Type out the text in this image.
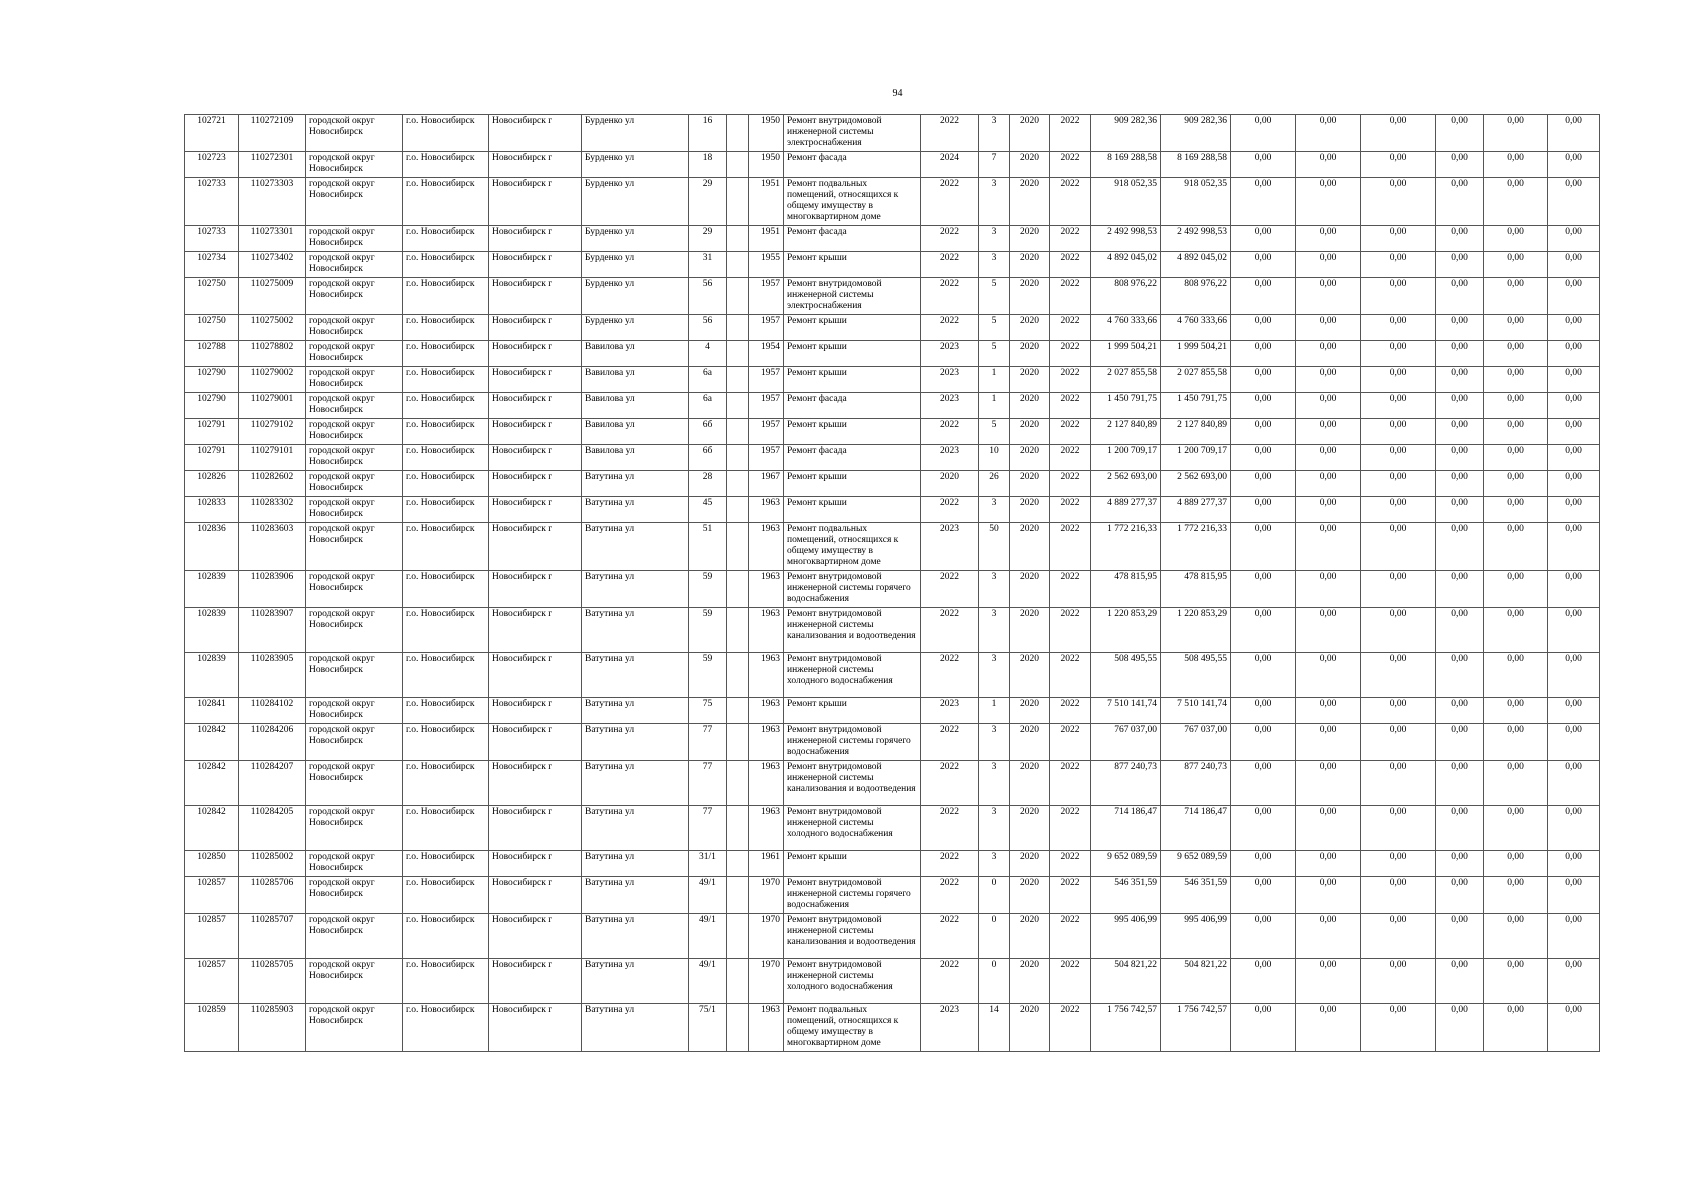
94
102721	110272109	городской округ Новосибирск	г.о. Новосибирск	Новосибирск г	Бурденко ул	16		1950	Ремонт внутридомовой инженерной системы электроснабжения	2022	3	2020	2022	909 282,36	909 282,36	0,00	0,00	0,00	0,00	0,00	0,00
102723	110272301	городской округ Новосибирск	г.о. Новосибирск	Новосибирск г	Бурденко ул	18		1950	Ремонт фасада	2024	7	2020	2022	8 169 288,58	8 169 288,58	0,00	0,00	0,00	0,00	0,00	0,00
102733	110273303	городской округ Новосибирск	г.о. Новосибирск	Новосибирск г	Бурденко ул	29		1951	Ремонт подвальных помещений, относящихся к общему имуществу в многоквартирном доме	2022	3	2020	2022	918 052,35	918 052,35	0,00	0,00	0,00	0,00	0,00	0,00
102733	110273301	городской округ Новосибирск	г.о. Новосибирск	Новосибирск г	Бурденко ул	29		1951	Ремонт фасада	2022	3	2020	2022	2 492 998,53	2 492 998,53	0,00	0,00	0,00	0,00	0,00	0,00
102734	110273402	городской округ Новосибирск	г.о. Новосибирск	Новосибирск г	Бурденко ул	31		1955	Ремонт крыши	2022	3	2020	2022	4 892 045,02	4 892 045,02	0,00	0,00	0,00	0,00	0,00	0,00
102750	110275009	городской округ Новосибирск	г.о. Новосибирск	Новосибирск г	Бурденко ул	56		1957	Ремонт внутридомовой инженерной системы электроснабжения	2022	5	2020	2022	808 976,22	808 976,22	0,00	0,00	0,00	0,00	0,00	0,00
102750	110275002	городской округ Новосибирск	г.о. Новосибирск	Новосибирск г	Бурденко ул	56		1957	Ремонт крыши	2022	5	2020	2022	4 760 333,66	4 760 333,66	0,00	0,00	0,00	0,00	0,00	0,00
102788	110278802	городской округ Новосибирск	г.о. Новосибирск	Новосибирск г	Вавилова ул	4		1954	Ремонт крыши	2023	5	2020	2022	1 999 504,21	1 999 504,21	0,00	0,00	0,00	0,00	0,00	0,00
102790	110279002	городской округ Новосибирск	г.о. Новосибирск	Новосибирск г	Вавилова ул	6а		1957	Ремонт крыши	2023	1	2020	2022	2 027 855,58	2 027 855,58	0,00	0,00	0,00	0,00	0,00	0,00
102790	110279001	городской округ Новосибирск	г.о. Новосибирск	Новосибирск г	Вавилова ул	6а		1957	Ремонт фасада	2023	1	2020	2022	1 450 791,75	1 450 791,75	0,00	0,00	0,00	0,00	0,00	0,00
102791	110279102	городской округ Новосибирск	г.о. Новосибирск	Новосибирск г	Вавилова ул	6б		1957	Ремонт крыши	2022	5	2020	2022	2 127 840,89	2 127 840,89	0,00	0,00	0,00	0,00	0,00	0,00
102791	110279101	городской округ Новосибирск	г.о. Новосибирск	Новосибирск г	Вавилова ул	6б		1957	Ремонт фасада	2023	10	2020	2022	1 200 709,17	1 200 709,17	0,00	0,00	0,00	0,00	0,00	0,00
102826	110282602	городской округ Новосибирск	г.о. Новосибирск	Новосибирск г	Ватутина ул	28		1967	Ремонт крыши	2020	26	2020	2022	2 562 693,00	2 562 693,00	0,00	0,00	0,00	0,00	0,00	0,00
102833	110283302	городской округ Новосибирск	г.о. Новосибирск	Новосибирск г	Ватутина ул	45		1963	Ремонт крыши	2022	3	2020	2022	4 889 277,37	4 889 277,37	0,00	0,00	0,00	0,00	0,00	0,00
102836	110283603	городской округ Новосибирск	г.о. Новосибирск	Новосибирск г	Ватутина ул	51		1963	Ремонт подвальных помещений, относящихся к общему имуществу в многоквартирном доме	2023	50	2020	2022	1 772 216,33	1 772 216,33	0,00	0,00	0,00	0,00	0,00	0,00
102839	110283906	городской округ Новосибирск	г.о. Новосибирск	Новосибирск г	Ватутина ул	59		1963	Ремонт внутридомовой инженерной системы горячего водоснабжения	2022	3	2020	2022	478 815,95	478 815,95	0,00	0,00	0,00	0,00	0,00	0,00
102839	110283907	городской округ Новосибирск	г.о. Новосибирск	Новосибирск г	Ватутина ул	59		1963	Ремонт внутридомовой инженерной системы канализования и водоотведения	2022	3	2020	2022	1 220 853,29	1 220 853,29	0,00	0,00	0,00	0,00	0,00	0,00
102839	110283905	городской округ Новосибирск	г.о. Новосибирск	Новосибирск г	Ватутина ул	59		1963	Ремонт внутридомовой инженерной системы холодного водоснабжения	2022	3	2020	2022	508 495,55	508 495,55	0,00	0,00	0,00	0,00	0,00	0,00
102841	110284102	городской округ Новосибирск	г.о. Новосибирск	Новосибирск г	Ватутина ул	75		1963	Ремонт крыши	2023	1	2020	2022	7 510 141,74	7 510 141,74	0,00	0,00	0,00	0,00	0,00	0,00
102842	110284206	городской округ Новосибирск	г.о. Новосибирск	Новосибирск г	Ватутина ул	77		1963	Ремонт внутридомовой инженерной системы горячего водоснабжения	2022	3	2020	2022	767 037,00	767 037,00	0,00	0,00	0,00	0,00	0,00	0,00
102842	110284207	городской округ Новосибирск	г.о. Новосибирск	Новосибирск г	Ватутина ул	77		1963	Ремонт внутридомовой инженерной системы канализования и водоотведения	2022	3	2020	2022	877 240,73	877 240,73	0,00	0,00	0,00	0,00	0,00	0,00
102842	110284205	городской округ Новосибирск	г.о. Новосибирск	Новосибирск г	Ватутина ул	77		1963	Ремонт внутридомовой инженерной системы холодного водоснабжения	2022	3	2020	2022	714 186,47	714 186,47	0,00	0,00	0,00	0,00	0,00	0,00
102850	110285002	городской округ Новосибирск	г.о. Новосибирск	Новосибирск г	Ватутина ул	31/1		1961	Ремонт крыши	2022	3	2020	2022	9 652 089,59	9 652 089,59	0,00	0,00	0,00	0,00	0,00	0,00
102857	110285706	городской округ Новосибирск	г.о. Новосибирск	Новосибирск г	Ватутина ул	49/1		1970	Ремонт внутридомовой инженерной системы горячего водоснабжения	2022	0	2020	2022	546 351,59	546 351,59	0,00	0,00	0,00	0,00	0,00	0,00
102857	110285707	городской округ Новосибирск	г.о. Новосибирск	Новосибирск г	Ватутина ул	49/1		1970	Ремонт внутридомовой инженерной системы канализования и водоотведения	2022	0	2020	2022	995 406,99	995 406,99	0,00	0,00	0,00	0,00	0,00	0,00
102857	110285705	городской округ Новосибирск	г.о. Новосибирск	Новосибирск г	Ватутина ул	49/1		1970	Ремонт внутридомовой инженерной системы холодного водоснабжения	2022	0	2020	2022	504 821,22	504 821,22	0,00	0,00	0,00	0,00	0,00	0,00
102859	110285903	городской округ Новосибирск	г.о. Новосибирск	Новосибирск г	Ватутина ул	75/1		1963	Ремонт подвальных помещений, относящихся к общему имуществу в многоквартирном доме	2023	14	2020	2022	1 756 742,57	1 756 742,57	0,00	0,00	0,00	0,00	0,00	0,00
